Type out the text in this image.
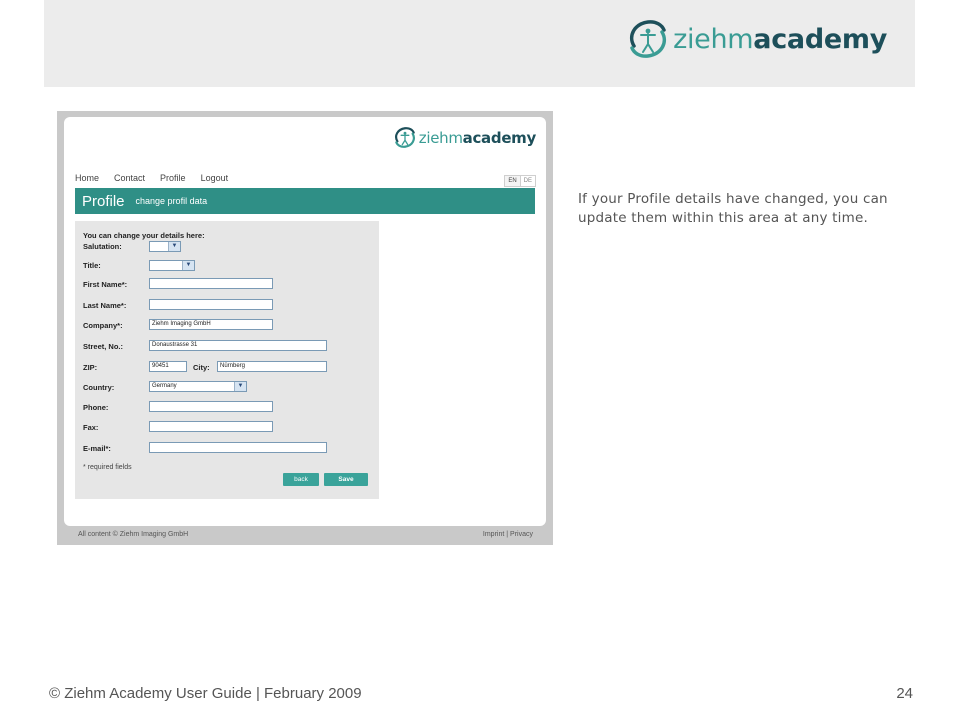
ziehmacademy
ziehmacademy
Home Contact Profile Logout	EN	DE
Profile change profil data
You can change your details here:
Salutation:	▼
Title:	▼
First Name*:
Last Name*:
Company*:	Ziehm Imaging GmbH
Street, No.:	Donaustrasse 31
ZIP:	90451	City:	Nürnberg
Country:	Germany	▼
Phone:
Fax:
E-mail*:
* required fields
back	Save
All content © Ziehm Imaging GmbH	Imprint | Privacy
If your Profile details have changed, you can update them within this area at any time.
© Ziehm Academy User Guide | February 2009	24
